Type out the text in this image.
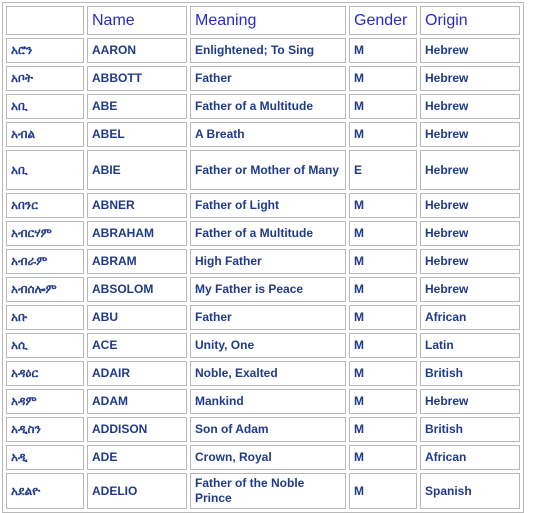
	Name	Meaning	Gender	Origin
አሮን	AARON	Enlightened; To Sing	M	Hebrew
አቦት	ABBOTT	Father	M	Hebrew
አቢ	ABE	Father of a Multitude	M	Hebrew
አብል	ABEL	A Breath	M	Hebrew
አቢ	ABIE	Father or Mother of Many	E	Hebrew
አበንር	ABNER	Father of Light	M	Hebrew
አብርሃም	ABRAHAM	Father of a Multitude	M	Hebrew
አብራም	ABRAM	High Father	M	Hebrew
አብሰሎም	ABSOLOM	My Father is Peace	M	Hebrew
አቡ	ABU	Father	M	African
አሲ	ACE	Unity, One	M	Latin
አዳዕር	ADAIR	Noble, Exalted	M	British
አዳም	ADAM	Mankind	M	Hebrew
አዲስን	ADDISON	Son of Adam	M	British
አዲ	ADE	Crown, Royal	M	African
አደልዮ	ADELIO	Father of the Noble Prince	M	Spanish
